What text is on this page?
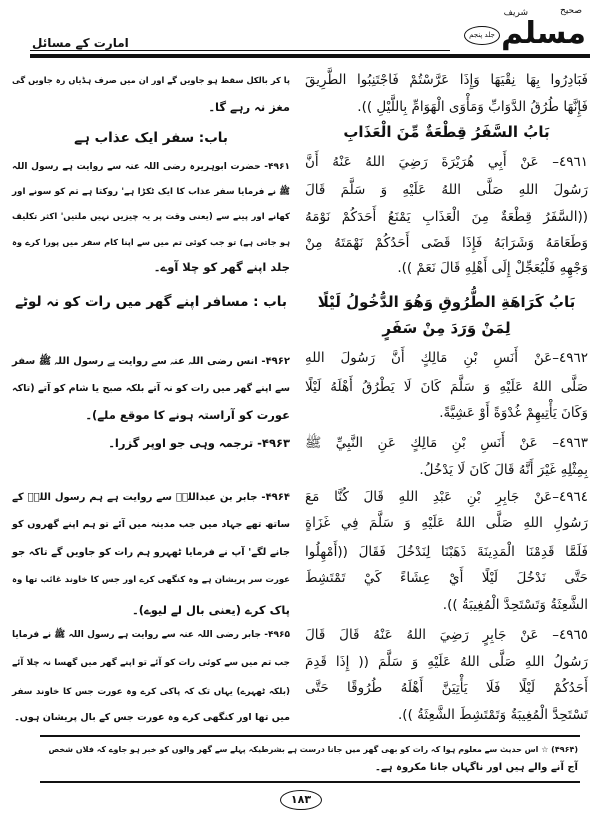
صحیح
مسلم
شریف
جلد پنجم
امارت کے مسائل
فَبَادِرُوا بِهَا نِقْيَهَا وَإِذَا عَرَّسْتُمْ فَاجْتَنِبُوا الطَّرِيقَ
فَإِنَّهَا طُرُقُ الدَّوَابِّ وَمَأْوَى الْهَوَامِّ بِاللَّيْلِ )).
بَابُ السَّفَرُ قِطْعَةٌ مِّنَ الْعَذَابِ
٤٩٦١– عَنْ أَبِي هُرَيْرَةَ رَضِيَ اللهُ عَنْهُ أَنَّ
رَسُولَ اللهِ صَلَّى اللهُ عَلَيْهِ وَ سَلَّمَ قَالَ
((السَّفَرُ قِطْعَةٌ مِنَ الْعَذَابِ يَمْنَعُ أَحَدَكُمْ نَوْمَهُ
وَطَعَامَهُ وَشَرَابَهُ فَإِذَا قَضَى أَحَدُكُمْ نَهْمَتَهُ مِنْ
وَجْهِهِ فَلْيُعَجِّلْ إِلَى أَهْلِهِ قَالَ نَعَمْ )).
بَابُ كَرَاهَةِ الطُّرُوقِ وَهُوَ الدُّخُولُ لَيْلًا
لِمَنْ وَرَدَ مِنْ سَفَرٍ
٤٩٦٢–عَنْ أَنَسِ بْنِ مَالِكٍ أَنَّ رَسُولَ اللهِ
صَلَّى اللهُ عَلَيْهِ وَ سَلَّمَ كَانَ لَا يَطْرُقُ أَهْلَهُ لَيْلًا
وَكَانَ يَأْتِيهِمْ غُدْوَةً أَوْ عَشِيَّةً.
٤٩٦٣– عَنْ أَنَسِ بْنِ مَالِكٍ عَنِ النَّبِيِّ ﷺ
بِمِثْلِهِ غَيْرَ أَنَّهُ قَالَ كَانَ لَا يَدْخُلُ.
٤٩٦٤–عَنْ جَابِرِ بْنِ عَبْدِ اللهِ قَالَ كُنَّا مَعَ
رَسُولِ اللهِ صَلَّى اللهُ عَلَيْهِ وَ سَلَّمَ فِي غَزَاةٍ
فَلَمَّا قَدِمْنَا الْمَدِينَةَ ذَهَبْنَا لِنَدْخُلَ فَقَالَ ((أَمْهِلُوا
حَتَّى نَدْخُلَ لَيْلًا أَيْ عِشَاءً كَيْ تَمْتَشِطَ
الشَّعِثَةُ وَتَسْتَحِدَّ الْمُغِيبَةُ )).
٤٩٦٥– عَنْ جَابِرٍ رَضِيَ اللهُ عَنْهُ قَالَ قَالَ
رَسُولُ اللهِ صَلَّى اللهُ عَلَيْهِ وَ سَلَّمَ (( إِذَا قَدِمَ
أَحَدُكُمْ لَيْلًا فَلَا يَأْتِيَنَّ أَهْلَهُ طُرُوقًا حَتَّى
تَسْتَحِدَّ الْمُغِيبَةُ وَتَمْتَشِطَ الشَّعِثَةُ )).
پا کر بالکل سقط ہو جاویں گے اور ان میں صرف ہڈیاں رہ جاویں گی
مغز نہ رہے گا۔
باب: سفر ایک عذاب ہے
۴۹۶۱- حضرت ابوہریرہ رضی اللہ عنہ سے روایت ہے رسول اللہ
ﷺ نے فرمایا سفر عذاب کا ایک ٹکڑا ہے' روکتا ہے تم کو سونے اور
کھانے اور پینے سے (یعنی وقت پر یہ چیزیں نہیں ملتیں' اکثر تکلیف
ہو جاتی ہے) تو جب کوئی تم میں سے اپنا کام سفر میں پورا کرے وہ
جلد اپنے گھر کو چلا آوے۔
باب : مسافر اپنے گھر میں رات کو نہ لوٹے
۴۹۶۲- انس رضی اللہ عنہ سے روایت ہے رسول اللہ ﷺ سفر
سے اپنے گھر میں رات کو نہ آتے بلکہ صبح یا شام کو آتے (تاکہ
عورت کو آراستہ ہونے کا موقع ملے)۔
۴۹۶۳- ترجمہ وہی جو اوپر گزرا۔
۴۹۶۴- جابر بن عبداللہؓ سے روایت ہے ہم رسول اللہؐ کے
ساتھ تھے جہاد میں جب مدینہ میں آئے تو ہم اپنے گھروں کو
جانے لگے' آپ نے فرمایا ٹھہرو ہم رات کو جاویں گے تاکہ جو
عورت سر پریشان ہے وہ کنگھی کرے اور جس کا خاوند غائب تھا وہ
پاک کرے (یعنی بال لے لیوے)۔
۴۹۶۵- جابر رضی اللہ عنہ سے روایت ہے رسول اللہ ﷺ نے فرمایا
جب تم میں سے کوئی رات کو آئے تو اپنے گھر میں گھسا نہ چلا آئے
(بلکہ ٹھہرے) یہاں تک کہ پاکی کرے وہ عورت جس کا خاوند سفر
میں تھا اور کنگھی کرے وہ عورت جس کے بال پریشان ہوں۔
(۴۹۶۴) ☆ اس حدیث سے معلوم ہوا کہ رات کو بھی گھر میں جانا درست ہے بشرطیکہ پہلے سے گھر والوں کو خبر ہو جاوے کہ فلاں شخص
آج آنے والے ہیں اور ناگہاں جانا مکروہ ہے۔
۱۸۳
